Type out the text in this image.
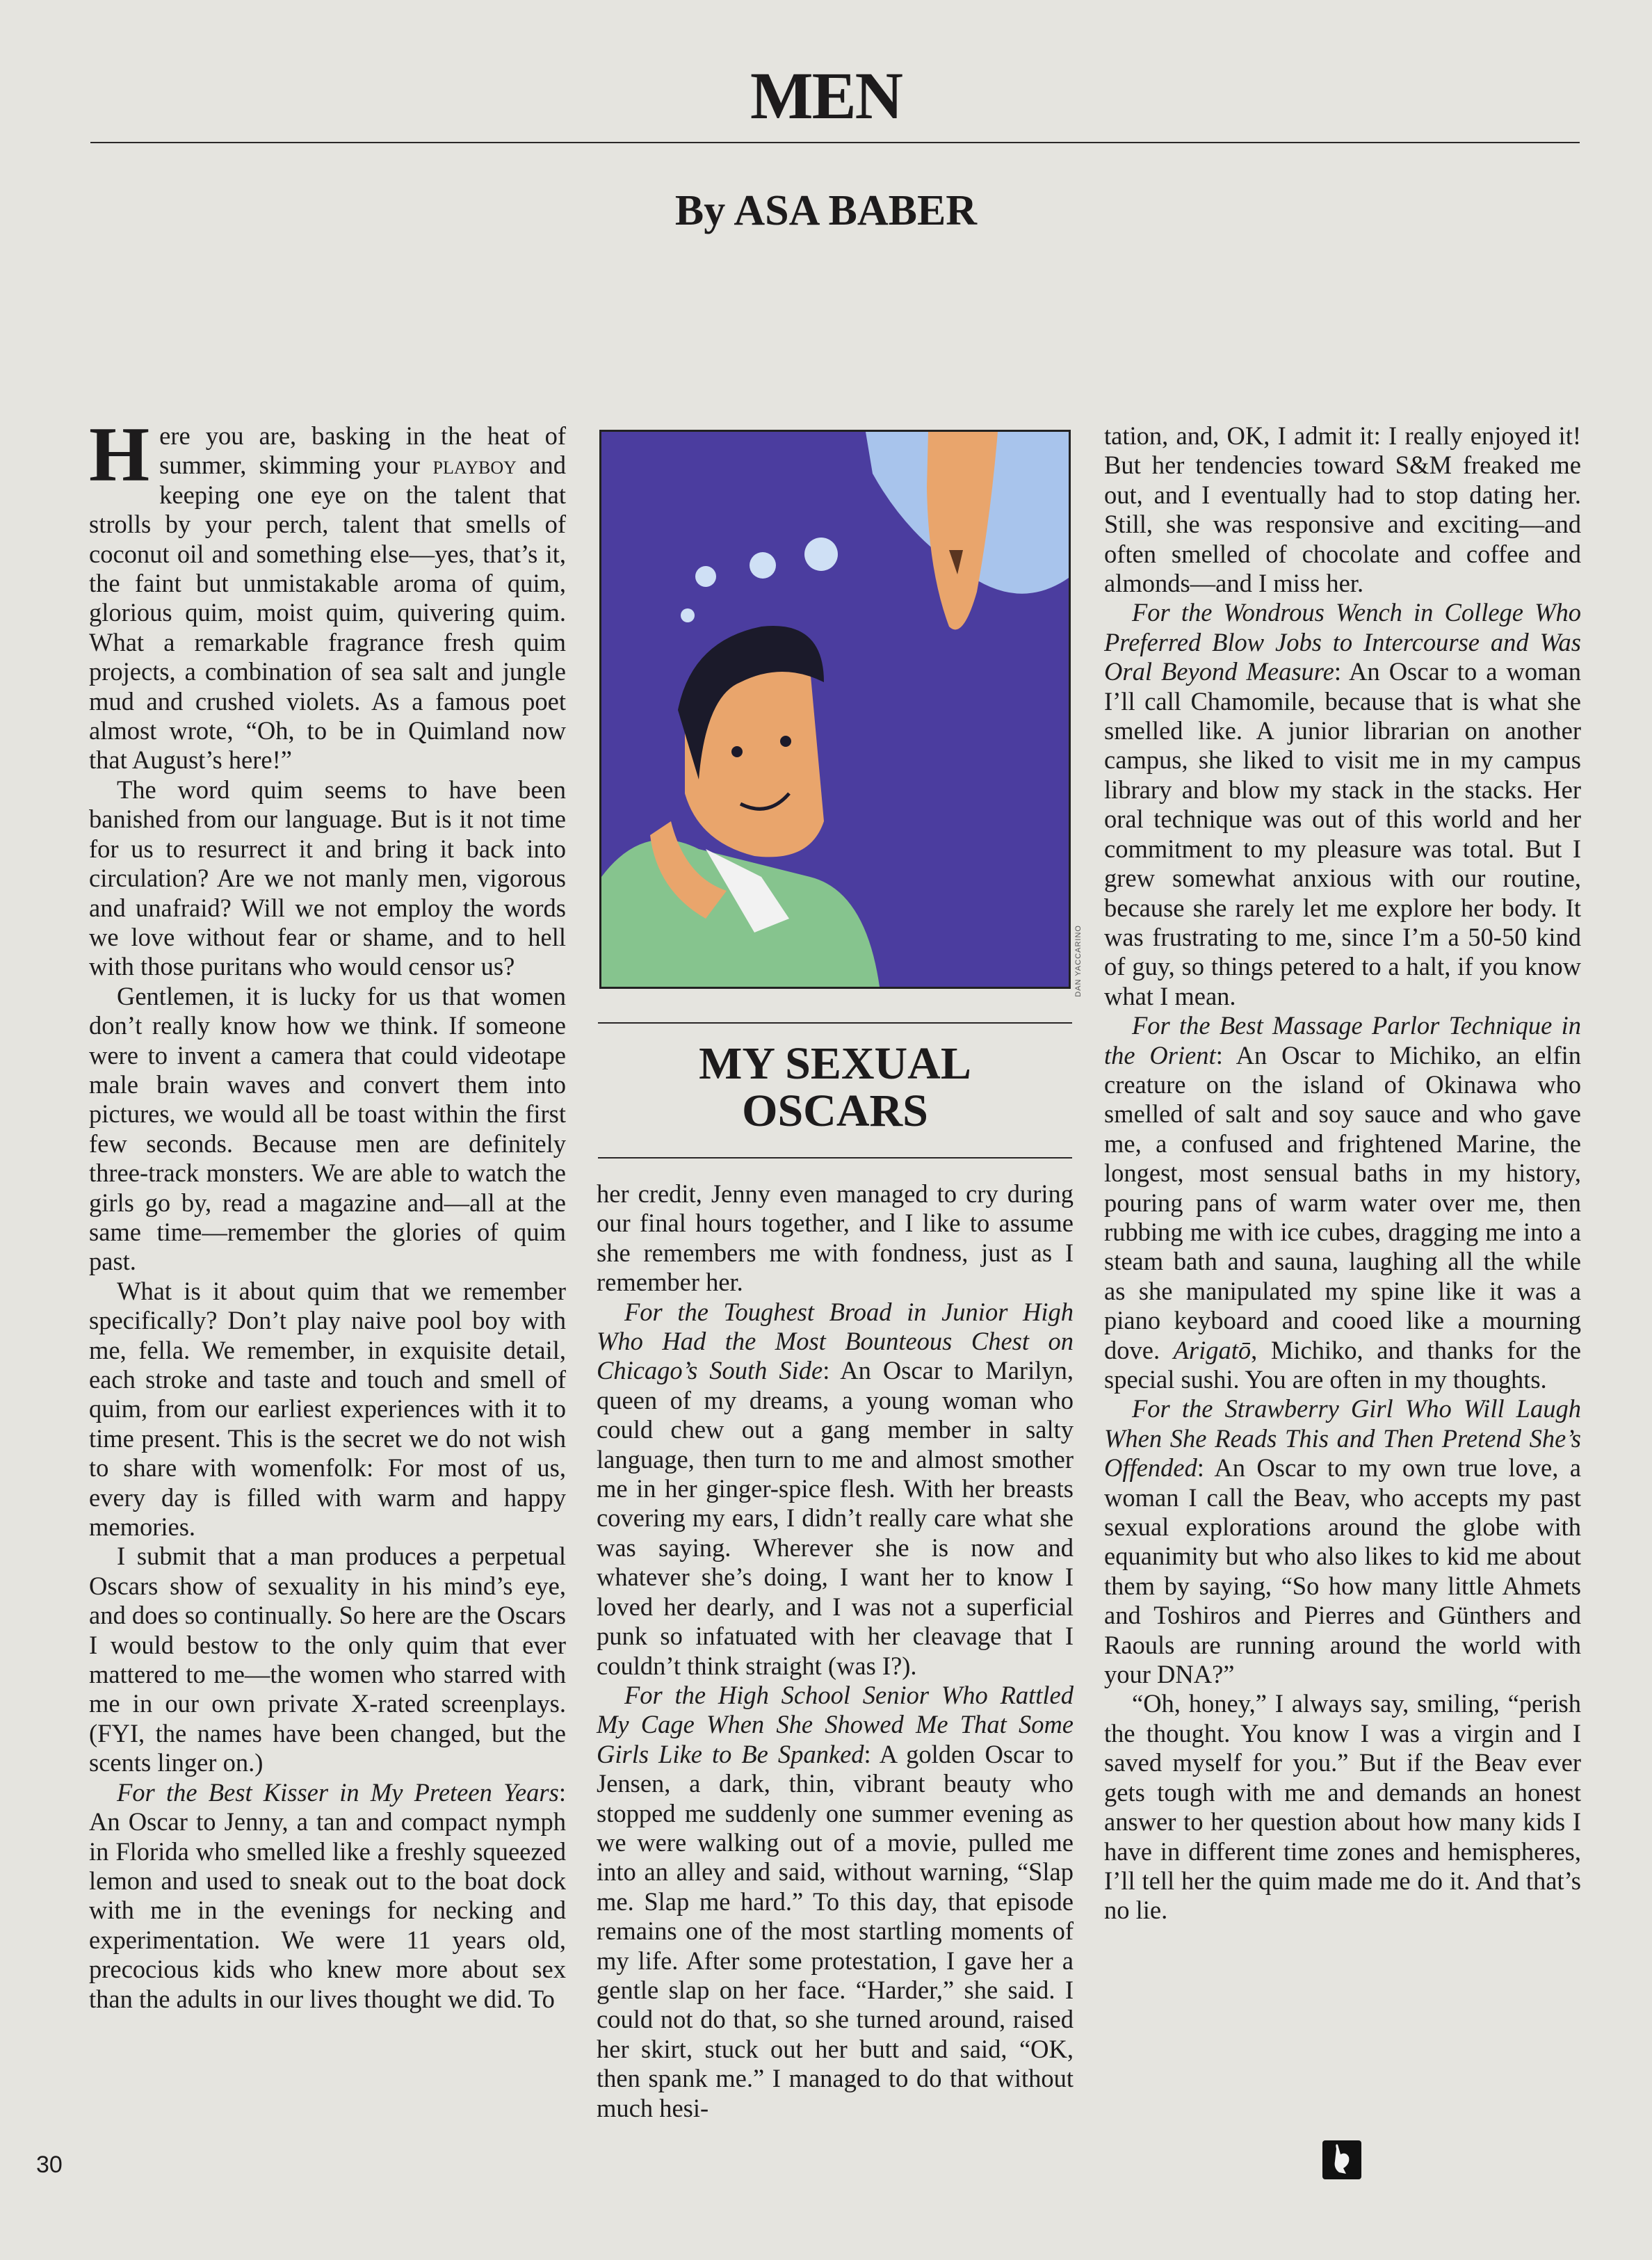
MEN
By ASA BABER

Here you are, basking in the heat of summer, skimming your playboy and keeping one eye on the talent that strolls by your perch, talent that smells of coconut oil and something else—yes, that’s it, the faint but unmistakable aroma of quim, glorious quim, moist quim, quivering quim. What a remarkable fragrance fresh quim projects, a combination of sea salt and jungle mud and crushed violets. As a famous poet almost wrote, “Oh, to be in Quimland now that August’s here!”

The word quim seems to have been banished from our language. But is it not time for us to resurrect it and bring it back into circulation? Are we not manly men, vigorous and unafraid? Will we not employ the words we love without fear or shame, and to hell with those puritans who would censor us?

Gentlemen, it is lucky for us that women don’t really know how we think. If someone were to invent a camera that could videotape male brain waves and convert them into pictures, we would all be toast within the first few seconds. Because men are definitely three-track monsters. We are able to watch the girls go by, read a magazine and—all at the same time—remember the glories of quim past.

What is it about quim that we remember specifically? Don’t play naive pool boy with me, fella. We remember, in exquisite detail, each stroke and taste and touch and smell of quim, from our earliest experiences with it to time present. This is the secret we do not wish to share with womenfolk: For most of us, every day is filled with warm and happy memories.

I submit that a man produces a perpetual Oscars show of sexuality in his mind’s eye, and does so continually. So here are the Oscars I would bestow to the only quim that ever mattered to me—the women who starred with me in our own private X-rated screenplays. (FYI, the names have been changed, but the scents linger on.)

For the Best Kisser in My Preteen Years: An Oscar to Jenny, a tan and compact nymph in Florida who smelled like a freshly squeezed lemon and used to sneak out to the boat dock with me in the evenings for necking and experimentation. We were 11 years old, precocious kids who knew more about sex than the adults in our lives thought we did. To

DAN YACCARINO
MY SEXUAL
OSCARS

her credit, Jenny even managed to cry during our final hours together, and I like to assume she remembers me with fondness, just as I remember her.

For the Toughest Broad in Junior High Who Had the Most Bounteous Chest on Chicago’s South Side: An Oscar to Marilyn, queen of my dreams, a young woman who could chew out a gang member in salty language, then turn to me and almost smother me in her ginger-spice flesh. With her breasts covering my ears, I didn’t really care what she was saying. Wherever she is now and whatever she’s doing, I want her to know I loved her dearly, and I was not a superficial punk so infatuated with her cleavage that I couldn’t think straight (was I?).

For the High School Senior Who Rattled My Cage When She Showed Me That Some Girls Like to Be Spanked: A golden Oscar to Jensen, a dark, thin, vibrant beauty who stopped me suddenly one summer evening as we were walking out of a movie, pulled me into an alley and said, without warning, “Slap me. Slap me hard.” To this day, that episode remains one of the most startling moments of my life. After some protestation, I gave her a gentle slap on her face. “Harder,” she said. I could not do that, so she turned around, raised her skirt, stuck out her butt and said, “OK, then spank me.” I managed to do that without much hesi-

tation, and, OK, I admit it: I really enjoyed it! But her tendencies toward S&M freaked me out, and I eventually had to stop dating her. Still, she was responsive and exciting—and often smelled of chocolate and coffee and almonds—and I miss her.

For the Wondrous Wench in College Who Preferred Blow Jobs to Intercourse and Was Oral Beyond Measure: An Oscar to a woman I’ll call Chamomile, because that is what she smelled like. A junior librarian on another campus, she liked to visit me in my campus library and blow my stack in the stacks. Her oral technique was out of this world and her commitment to my pleasure was total. But I grew somewhat anxious with our routine, because she rarely let me explore her body. It was frustrating to me, since I’m a 50-50 kind of guy, so things petered to a halt, if you know what I mean.

For the Best Massage Parlor Technique in the Orient: An Oscar to Michiko, an elfin creature on the island of Okinawa who smelled of salt and soy sauce and who gave me, a confused and frightened Marine, the longest, most sensual baths in my history, pouring pans of warm water over me, then rubbing me with ice cubes, dragging me into a steam bath and sauna, laughing all the while as she manipulated my spine like it was a piano keyboard and cooed like a mourning dove. Arigatō, Michiko, and thanks for the special sushi. You are often in my thoughts.

For the Strawberry Girl Who Will Laugh When She Reads This and Then Pretend She’s Offended: An Oscar to my own true love, a woman I call the Beav, who accepts my past sexual explorations around the globe with equanimity but who also likes to kid me about them by saying, “So how many little Ahmets and Toshiros and Pierres and Günthers and Raouls are running around the world with your DNA?”

“Oh, honey,” I always say, smiling, “perish the thought. You know I was a virgin and I saved myself for you.” But if the Beav ever gets tough with me and demands an honest answer to her question about how many kids I have in different time zones and hemispheres, I’ll tell her the quim made me do it. And that’s no lie.

30
